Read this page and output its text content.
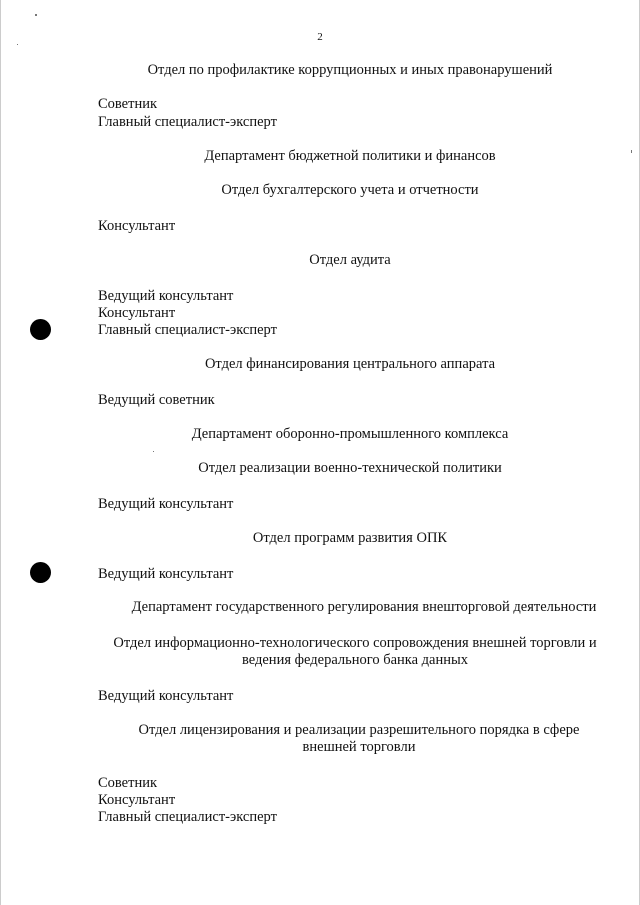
2
Отдел по профилактике коррупционных и иных правонарушений
Советник
Главный специалист-эксперт
Департамент бюджетной политики и финансов
Отдел бухгалтерского учета и отчетности
Консультант
Отдел аудита
Ведущий консультант
Консультант
Главный специалист-эксперт
Отдел финансирования центрального аппарата
Ведущий советник
Департамент оборонно-промышленного комплекса
Отдел реализации военно-технической политики
Ведущий консультант
Отдел программ развития ОПК
Ведущий консультант
Департамент государственного регулирования внешторговой деятельности
Отдел информационно-технологического сопровождения внешней торговли и ведения федерального банка данных
Ведущий консультант
Отдел лицензирования и реализации разрешительного порядка в сфере внешней торговли
Советник
Консультант
Главный специалист-эксперт
